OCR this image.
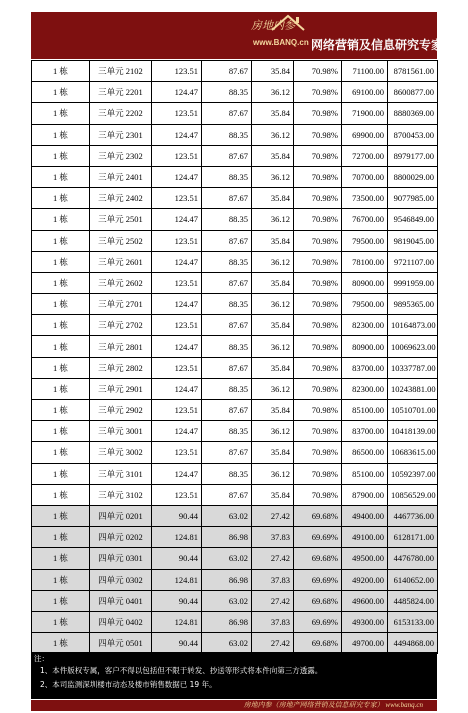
房地内参
www.BANQ.cn 网络营销及信息研究专家
1 栋	三单元 2102	123.51	87.67	35.84	70.98%	71100.00	8781561.00
1 栋	三单元 2201	124.47	88.35	36.12	70.98%	69100.00	8600877.00
1 栋	三单元 2202	123.51	87.67	35.84	70.98%	71900.00	8880369.00
1 栋	三单元 2301	124.47	88.35	36.12	70.98%	69900.00	8700453.00
1 栋	三单元 2302	123.51	87.67	35.84	70.98%	72700.00	8979177.00
1 栋	三单元 2401	124.47	88.35	36.12	70.98%	70700.00	8800029.00
1 栋	三单元 2402	123.51	87.67	35.84	70.98%	73500.00	9077985.00
1 栋	三单元 2501	124.47	88.35	36.12	70.98%	76700.00	9546849.00
1 栋	三单元 2502	123.51	87.67	35.84	70.98%	79500.00	9819045.00
1 栋	三单元 2601	124.47	88.35	36.12	70.98%	78100.00	9721107.00
1 栋	三单元 2602	123.51	87.67	35.84	70.98%	80900.00	9991959.00
1 栋	三单元 2701	124.47	88.35	36.12	70.98%	79500.00	9895365.00
1 栋	三单元 2702	123.51	87.67	35.84	70.98%	82300.00	10164873.00
1 栋	三单元 2801	124.47	88.35	36.12	70.98%	80900.00	10069623.00
1 栋	三单元 2802	123.51	87.67	35.84	70.98%	83700.00	10337787.00
1 栋	三单元 2901	124.47	88.35	36.12	70.98%	82300.00	10243881.00
1 栋	三单元 2902	123.51	87.67	35.84	70.98%	85100.00	10510701.00
1 栋	三单元 3001	124.47	88.35	36.12	70.98%	83700.00	10418139.00
1 栋	三单元 3002	123.51	87.67	35.84	70.98%	86500.00	10683615.00
1 栋	三单元 3101	124.47	88.35	36.12	70.98%	85100.00	10592397.00
1 栋	三单元 3102	123.51	87.67	35.84	70.98%	87900.00	10856529.00
1 栋	四单元 0201	90.44	63.02	27.42	69.68%	49400.00	4467736.00
1 栋	四单元 0202	124.81	86.98	37.83	69.69%	49100.00	6128171.00
1 栋	四单元 0301	90.44	63.02	27.42	69.68%	49500.00	4476780.00
1 栋	四单元 0302	124.81	86.98	37.83	69.69%	49200.00	6140652.00
1 栋	四单元 0401	90.44	63.02	27.42	69.68%	49600.00	4485824.00
1 栋	四单元 0402	124.81	86.98	37.83	69.69%	49300.00	6153133.00
1 栋	四单元 0501	90.44	63.02	27.42	69.68%	49700.00	4494868.00
注：
1、本件版权专属，客户不得以包括但不限于转发、抄送等形式将本件向第三方透露。
2、本司监测深圳楼市动态及楼市销售数据已 19 年。
6
房地内参（房地产网络营销及信息研究专家） www.banq.cn
